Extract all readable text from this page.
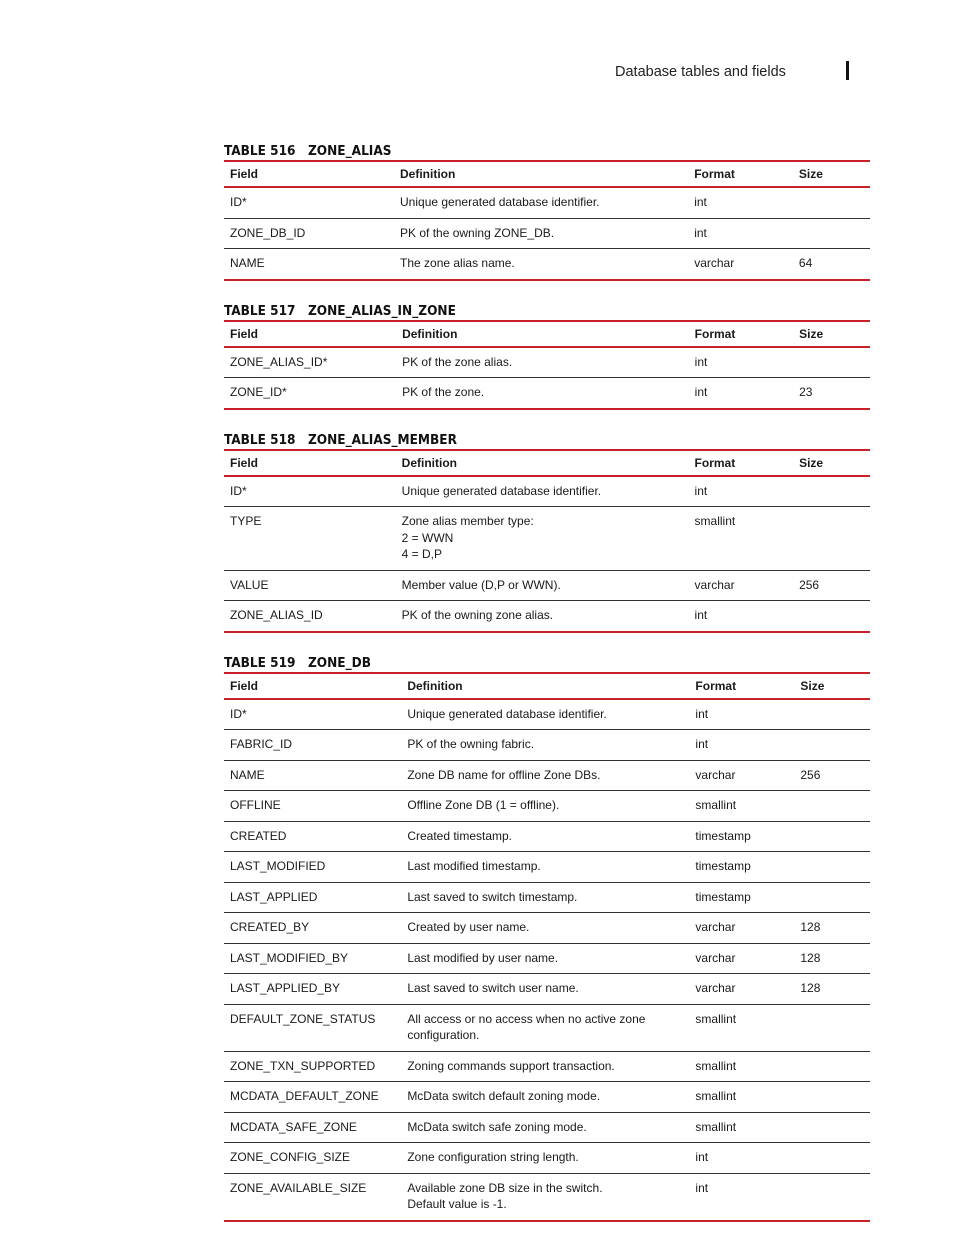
Database tables and fields
TABLE 516 ZONE_ALIAS
Field	Definition	Format	Size
ID*	Unique generated database identifier.	int	
ZONE_DB_ID	PK of the owning ZONE_DB.	int	
NAME	The zone alias name.	varchar	64
TABLE 517 ZONE_ALIAS_IN_ZONE
Field	Definition	Format	Size
ZONE_ALIAS_ID*	PK of the zone alias.	int	
ZONE_ID*	PK of the zone.	int	23
TABLE 518 ZONE_ALIAS_MEMBER
Field	Definition	Format	Size
ID*	Unique generated database identifier.	int	
TYPE	Zone alias member type:
2 = WWN
4 = D,P	smallint	
VALUE	Member value (D,P or WWN).	varchar	256
ZONE_ALIAS_ID	PK of the owning zone alias.	int	
TABLE 519 ZONE_DB
Field	Definition	Format	Size
ID*	Unique generated database identifier.	int	
FABRIC_ID	PK of the owning fabric.	int	
NAME	Zone DB name for offline Zone DBs.	varchar	256
OFFLINE	Offline Zone DB (1 = offline).	smallint	
CREATED	Created timestamp.	timestamp	
LAST_MODIFIED	Last modified timestamp.	timestamp	
LAST_APPLIED	Last saved to switch timestamp.	timestamp	
CREATED_BY	Created by user name.	varchar	128
LAST_MODIFIED_BY	Last modified by user name.	varchar	128
LAST_APPLIED_BY	Last saved to switch user name.	varchar	128
DEFAULT_ZONE_STATUS	All access or no access when no active zone
configuration.	smallint	
ZONE_TXN_SUPPORTED	Zoning commands support transaction.	smallint	
MCDATA_DEFAULT_ZONE	McData switch default zoning mode.	smallint	
MCDATA_SAFE_ZONE	McData switch safe zoning mode.	smallint	
ZONE_CONFIG_SIZE	Zone configuration string length.	int	
ZONE_AVAILABLE_SIZE	Available zone DB size in the switch.
Default value is -1.	int	
